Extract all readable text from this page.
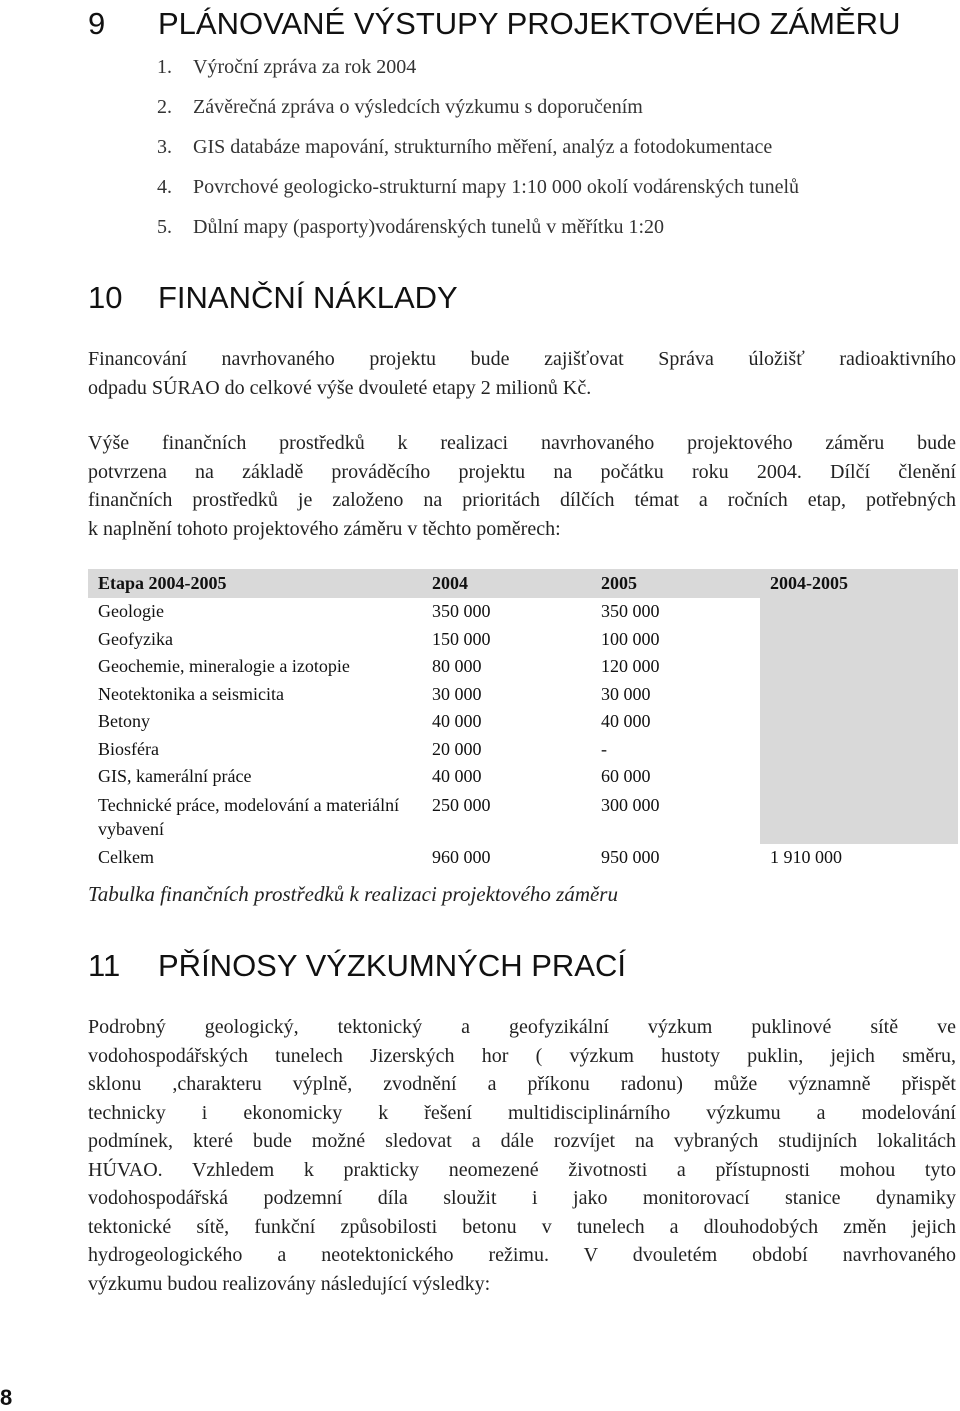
9 PLÁNOVANÉ VÝSTUPY PROJEKTOVÉHO ZÁMĚRU
1. Výroční zpráva za rok 2004
2. Závěrečná zpráva o výsledcích výzkumu s doporučením
3. GIS databáze mapování, strukturního měření, analýz a fotodokumentace
4. Povrchové geologicko-strukturní mapy 1:10 000 okolí vodárenských tunelů
5. Důlní mapy (pasporty)vodárenských tunelů v měřítku 1:20
10 FINANČNÍ NÁKLADY

Financování navrhovaného projektu bude zajišťovat Správa úložišť radioaktivního
odpadu SÚRAO do celkové výše dvouleté etapy 2 milionů Kč.

Výše finančních prostředků k realizaci navrhovaného projektového záměru bude
potvrzena na základě prováděcího projektu na počátku roku 2004. Dílčí členění
finančních prostředků je založeno na prioritách dílčích témat a ročních etap, potřebných
k naplnění tohoto projektového záměru v těchto poměrech:

Etapa 2004-2005	2004	2005	2004-2005
Geologie	350 000	350 000	
Geofyzika	150 000	100 000	
Geochemie, mineralogie a izotopie	80 000	120 000	
Neotektonika a seismicita	30 000	30 000	
Betony	40 000	40 000	
Biosféra	20 000	-	
GIS, kamerální práce	40 000	60 000	
Technické práce, modelování a materiální vybavení	250 000	300 000	
Celkem	960 000	950 000	1 910 000

Tabulka finančních prostředků k realizaci projektového záměru

11 PŘÍNOSY VÝZKUMNÝCH PRACÍ

Podrobný geologický, tektonický a geofyzikální výzkum puklinové sítě ve
vodohospodářských tunelech Jizerských hor ( výzkum hustoty puklin, jejich směru,
sklonu ,charakteru výplně, zvodnění a příkonu radonu) může významně přispět
technicky i ekonomicky k řešení multidisciplinárního výzkumu a modelování
podmínek, které bude možné sledovat a dále rozvíjet na vybraných studijních lokalitách
HÚVAO. Vzhledem k prakticky neomezené životnosti a přístupnosti mohou tyto
vodohospodářská podzemní díla sloužit i jako monitorovací stanice dynamiky
tektonické sítě, funkční způsobilosti betonu v tunelech a dlouhodobých změn jejich
hydrogeologického a neotektonického režimu. V dvouletém období navrhovaného
výzkumu budou realizovány následující výsledky:

8
